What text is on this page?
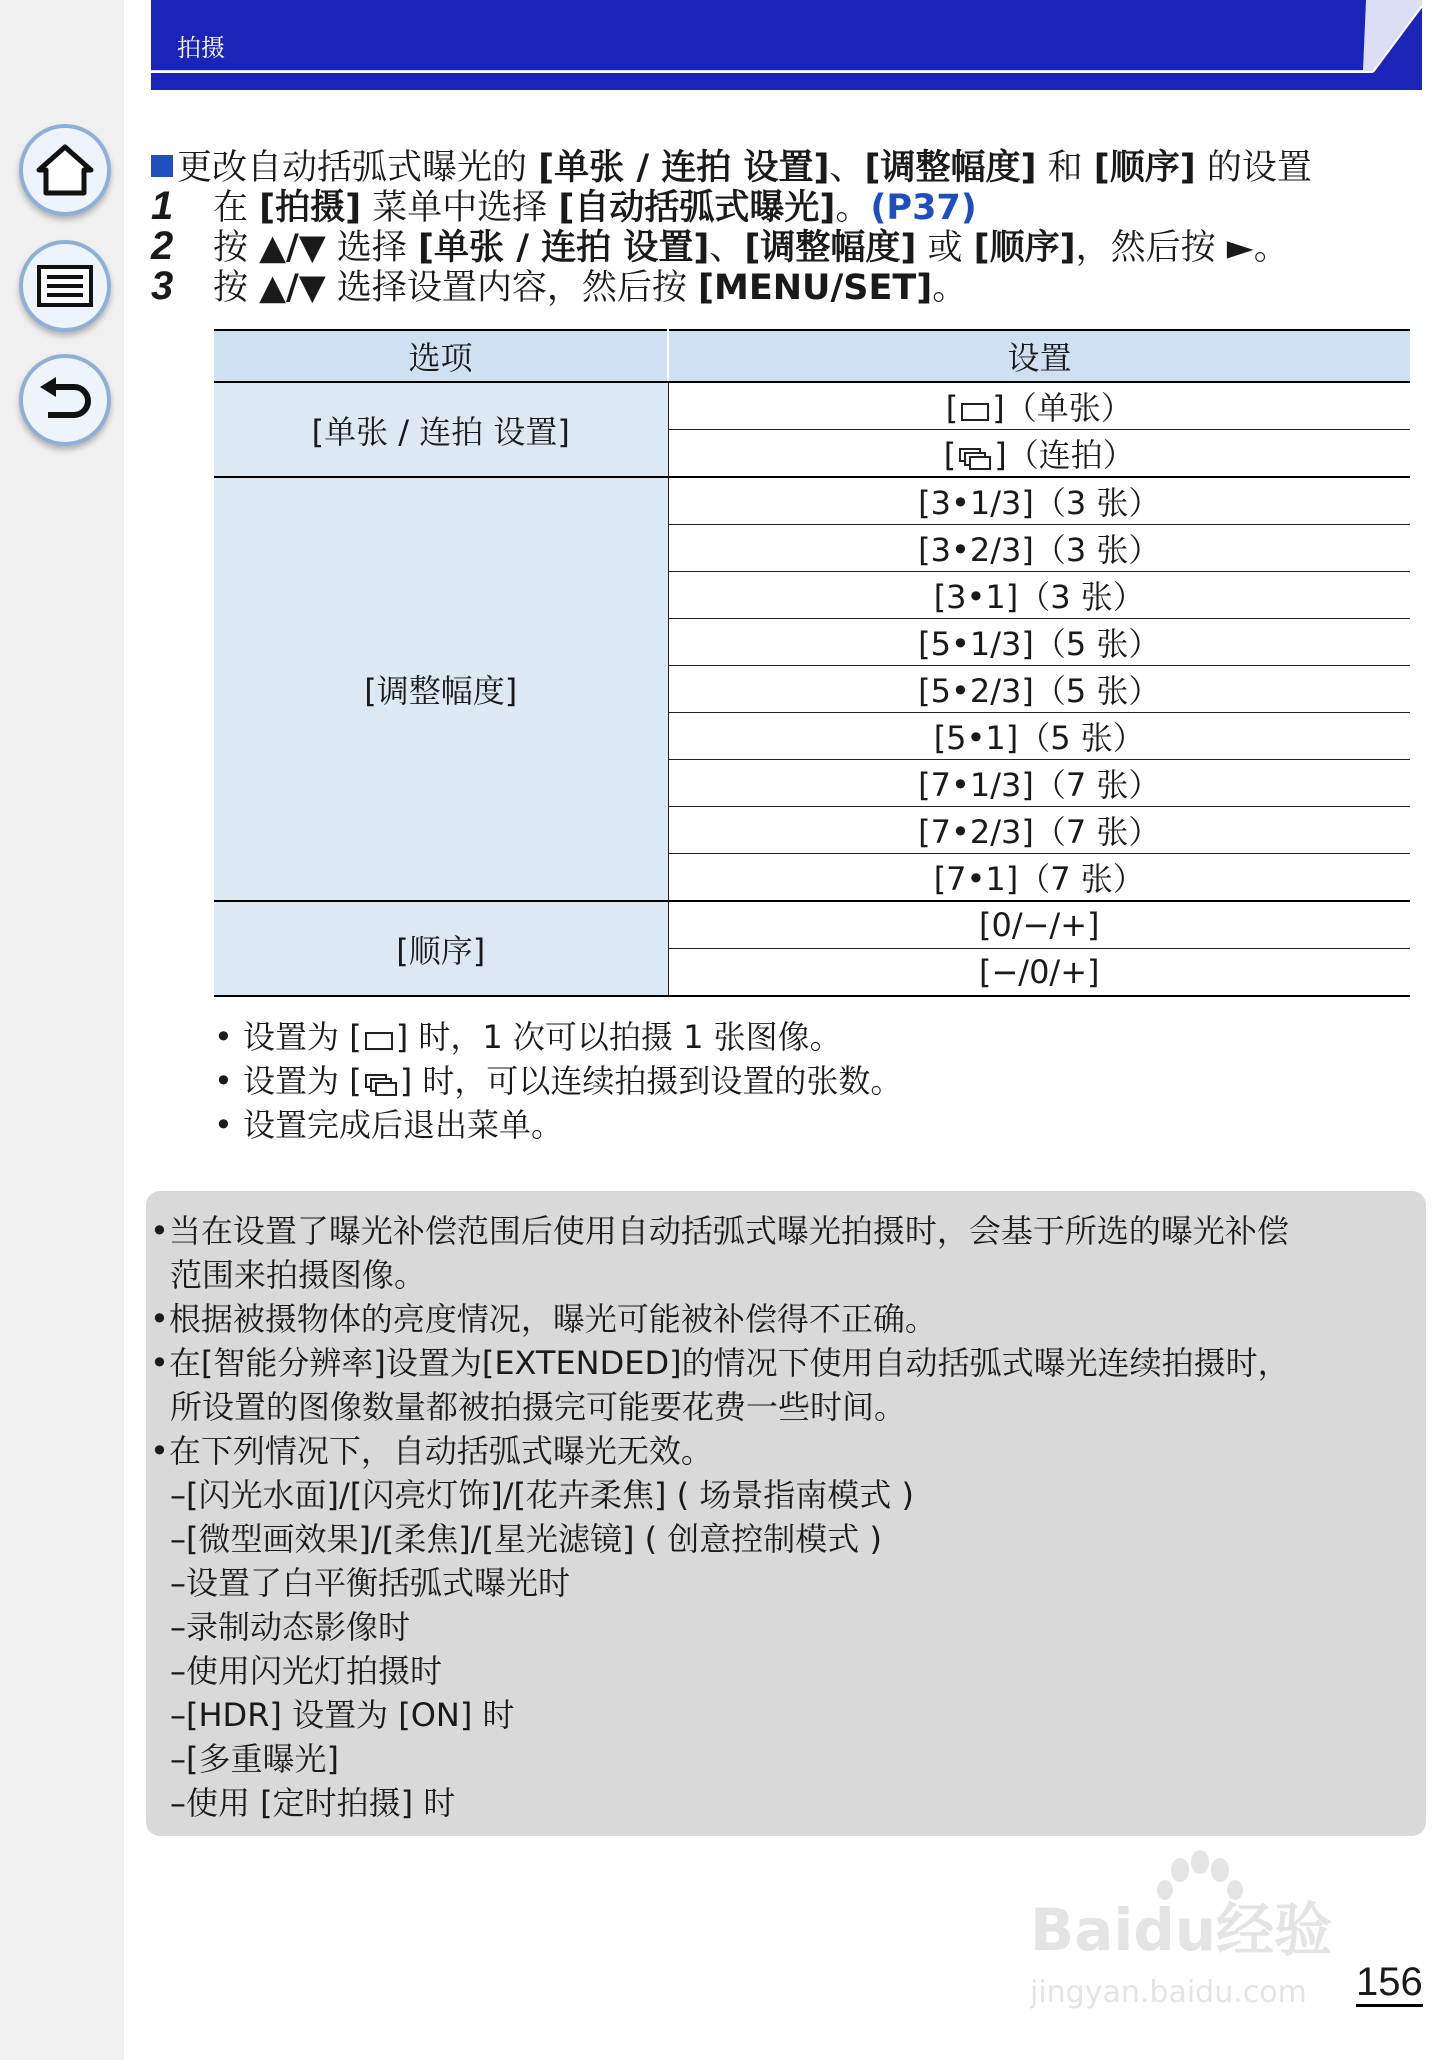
拍摄
更改自动括弧式曝光的 [单张 / 连拍 设置]、[调整幅度] 和 [顺序] 的设置
1 在 [拍摄] 菜单中选择 [自动括弧式曝光]。(P37)
2 按 ▲/▼ 选择 [单张 / 连拍 设置]、[调整幅度] 或 [顺序]，然后按 ►。
3 按 ▲/▼ 选择设置内容，然后按 [MENU/SET]。
选项	设置
[单张 / 连拍 设置]	[ ]（单张）
	[ ]（连拍）
[调整幅度]	[3•1/3]（3 张）
	[3•2/3]（3 张）
	[3•1]（3 张）
	[5•1/3]（5 张）
	[5•2/3]（5 张）
	[5•1]（5 张）
	[7•1/3]（7 张）
	[7•2/3]（7 张）
	[7•1]（7 张）
[顺序]	[0/−/+]
	[−/0/+]
• 设置为 [ ] 时，1 次可以拍摄 1 张图像。
• 设置为 [ ] 时，可以连续拍摄到设置的张数。
• 设置完成后退出菜单。
•当在设置了曝光补偿范围后使用自动括弧式曝光拍摄时，会基于所选的曝光补偿
范围来拍摄图像。
•根据被摄物体的亮度情况，曝光可能被补偿得不正确。
•在[智能分辨率]设置为[EXTENDED]的情况下使用自动括弧式曝光连续拍摄时，
所设置的图像数量都被拍摄完可能要花费一些时间。
•在下列情况下，自动括弧式曝光无效。
–[闪光水面]/[闪亮灯饰]/[花卉柔焦] ( 场景指南模式 )
–[微型画效果]/[柔焦]/[星光滤镜] ( 创意控制模式 )
–设置了白平衡括弧式曝光时
–录制动态影像时
–使用闪光灯拍摄时
–[HDR] 设置为 [ON] 时
–[多重曝光]
–使用 [定时拍摄] 时
Baidu经验
jingyan.baidu.com 156
